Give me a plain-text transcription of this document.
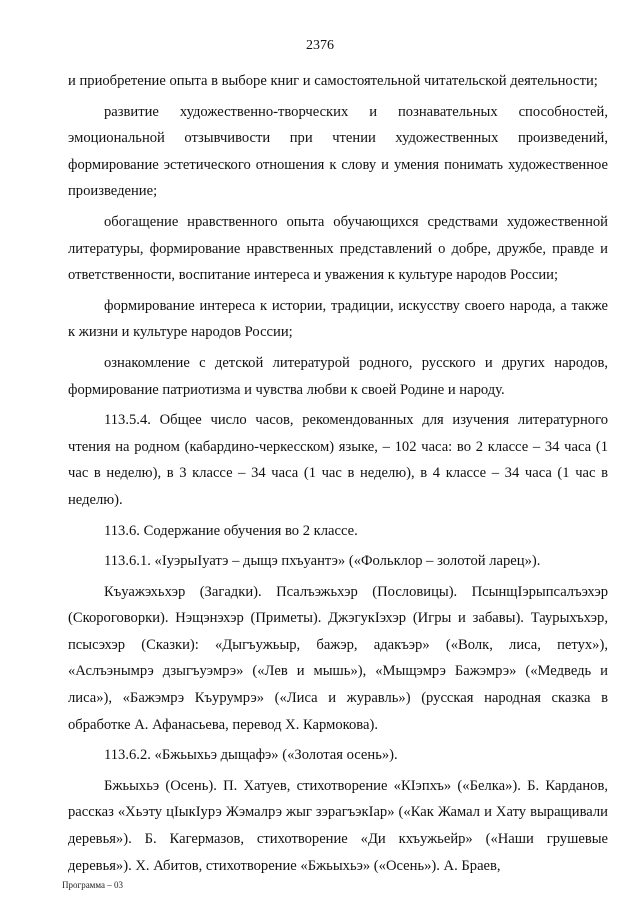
2376

и приобретение опыта в выборе книг и самостоятельной читательской деятельности;

развитие художественно-творческих и познавательных способностей, эмоциональной отзывчивости при чтении художественных произведений, формирование эстетического отношения к слову и умения понимать художественное произведение;

обогащение нравственного опыта обучающихся средствами художественной литературы, формирование нравственных представлений о добре, дружбе, правде и ответственности, воспитание интереса и уважения к культуре народов России;

формирование интереса к истории, традиции, искусству своего народа, а также к жизни и культуре народов России;

ознакомление с детской литературой родного, русского и других народов, формирование патриотизма и чувства любви к своей Родине и народу.

113.5.4. Общее число часов, рекомендованных для изучения литературного чтения на родном (кабардино-черкесском) языке, – 102 часа: во 2 классе – 34 часа (1 час в неделю), в 3 классе – 34 часа (1 час в неделю), в 4 классе – 34 часа (1 час в неделю).

113.6. Содержание обучения во 2 классе.

113.6.1. «IуэрыIуатэ – дыщэ пхъуантэ» («Фольклор – золотой ларец»).

Къуажэхьхэр (Загадки). Псалъэжьхэр (Пословицы). ПсынщIэрыпсалъэхэр (Скороговорки). Нэщэнэхэр (Приметы). ДжэгукIэхэр (Игры и забавы). Таурыхъхэр, псысэхэр (Сказки): «Дыгъужьыр, бажэр, адакъэр» («Волк, лиса, петух»), «Аслъэнымрэ дзыгъуэмрэ» («Лев и мышь»), «Мыщэмрэ Бажэмрэ» («Медведь и лиса»), «Бажэмрэ Къурумрэ» («Лиса и журавль») (русская народная сказка в обработке А. Афанасьева, перевод Х. Кармокова).

113.6.2. «Бжьыхьэ дыщафэ» («Золотая осень»).

Бжьыхьэ (Осень). П. Хатуев, стихотворение «КIэпхъ» («Белка»). Б. Карданов, рассказ «Хьэту цIыкIурэ Жэмалрэ жыг зэрагъэкIар» («Как Жамал и Хату выращивали деревья»). Б. Кагермазов, стихотворение «Ди кхъужьейр» («Наши грушевые деревья»). Х. Абитов, стихотворение «Бжьыхьэ» («Осень»). А. Браев,

Программа – 03
